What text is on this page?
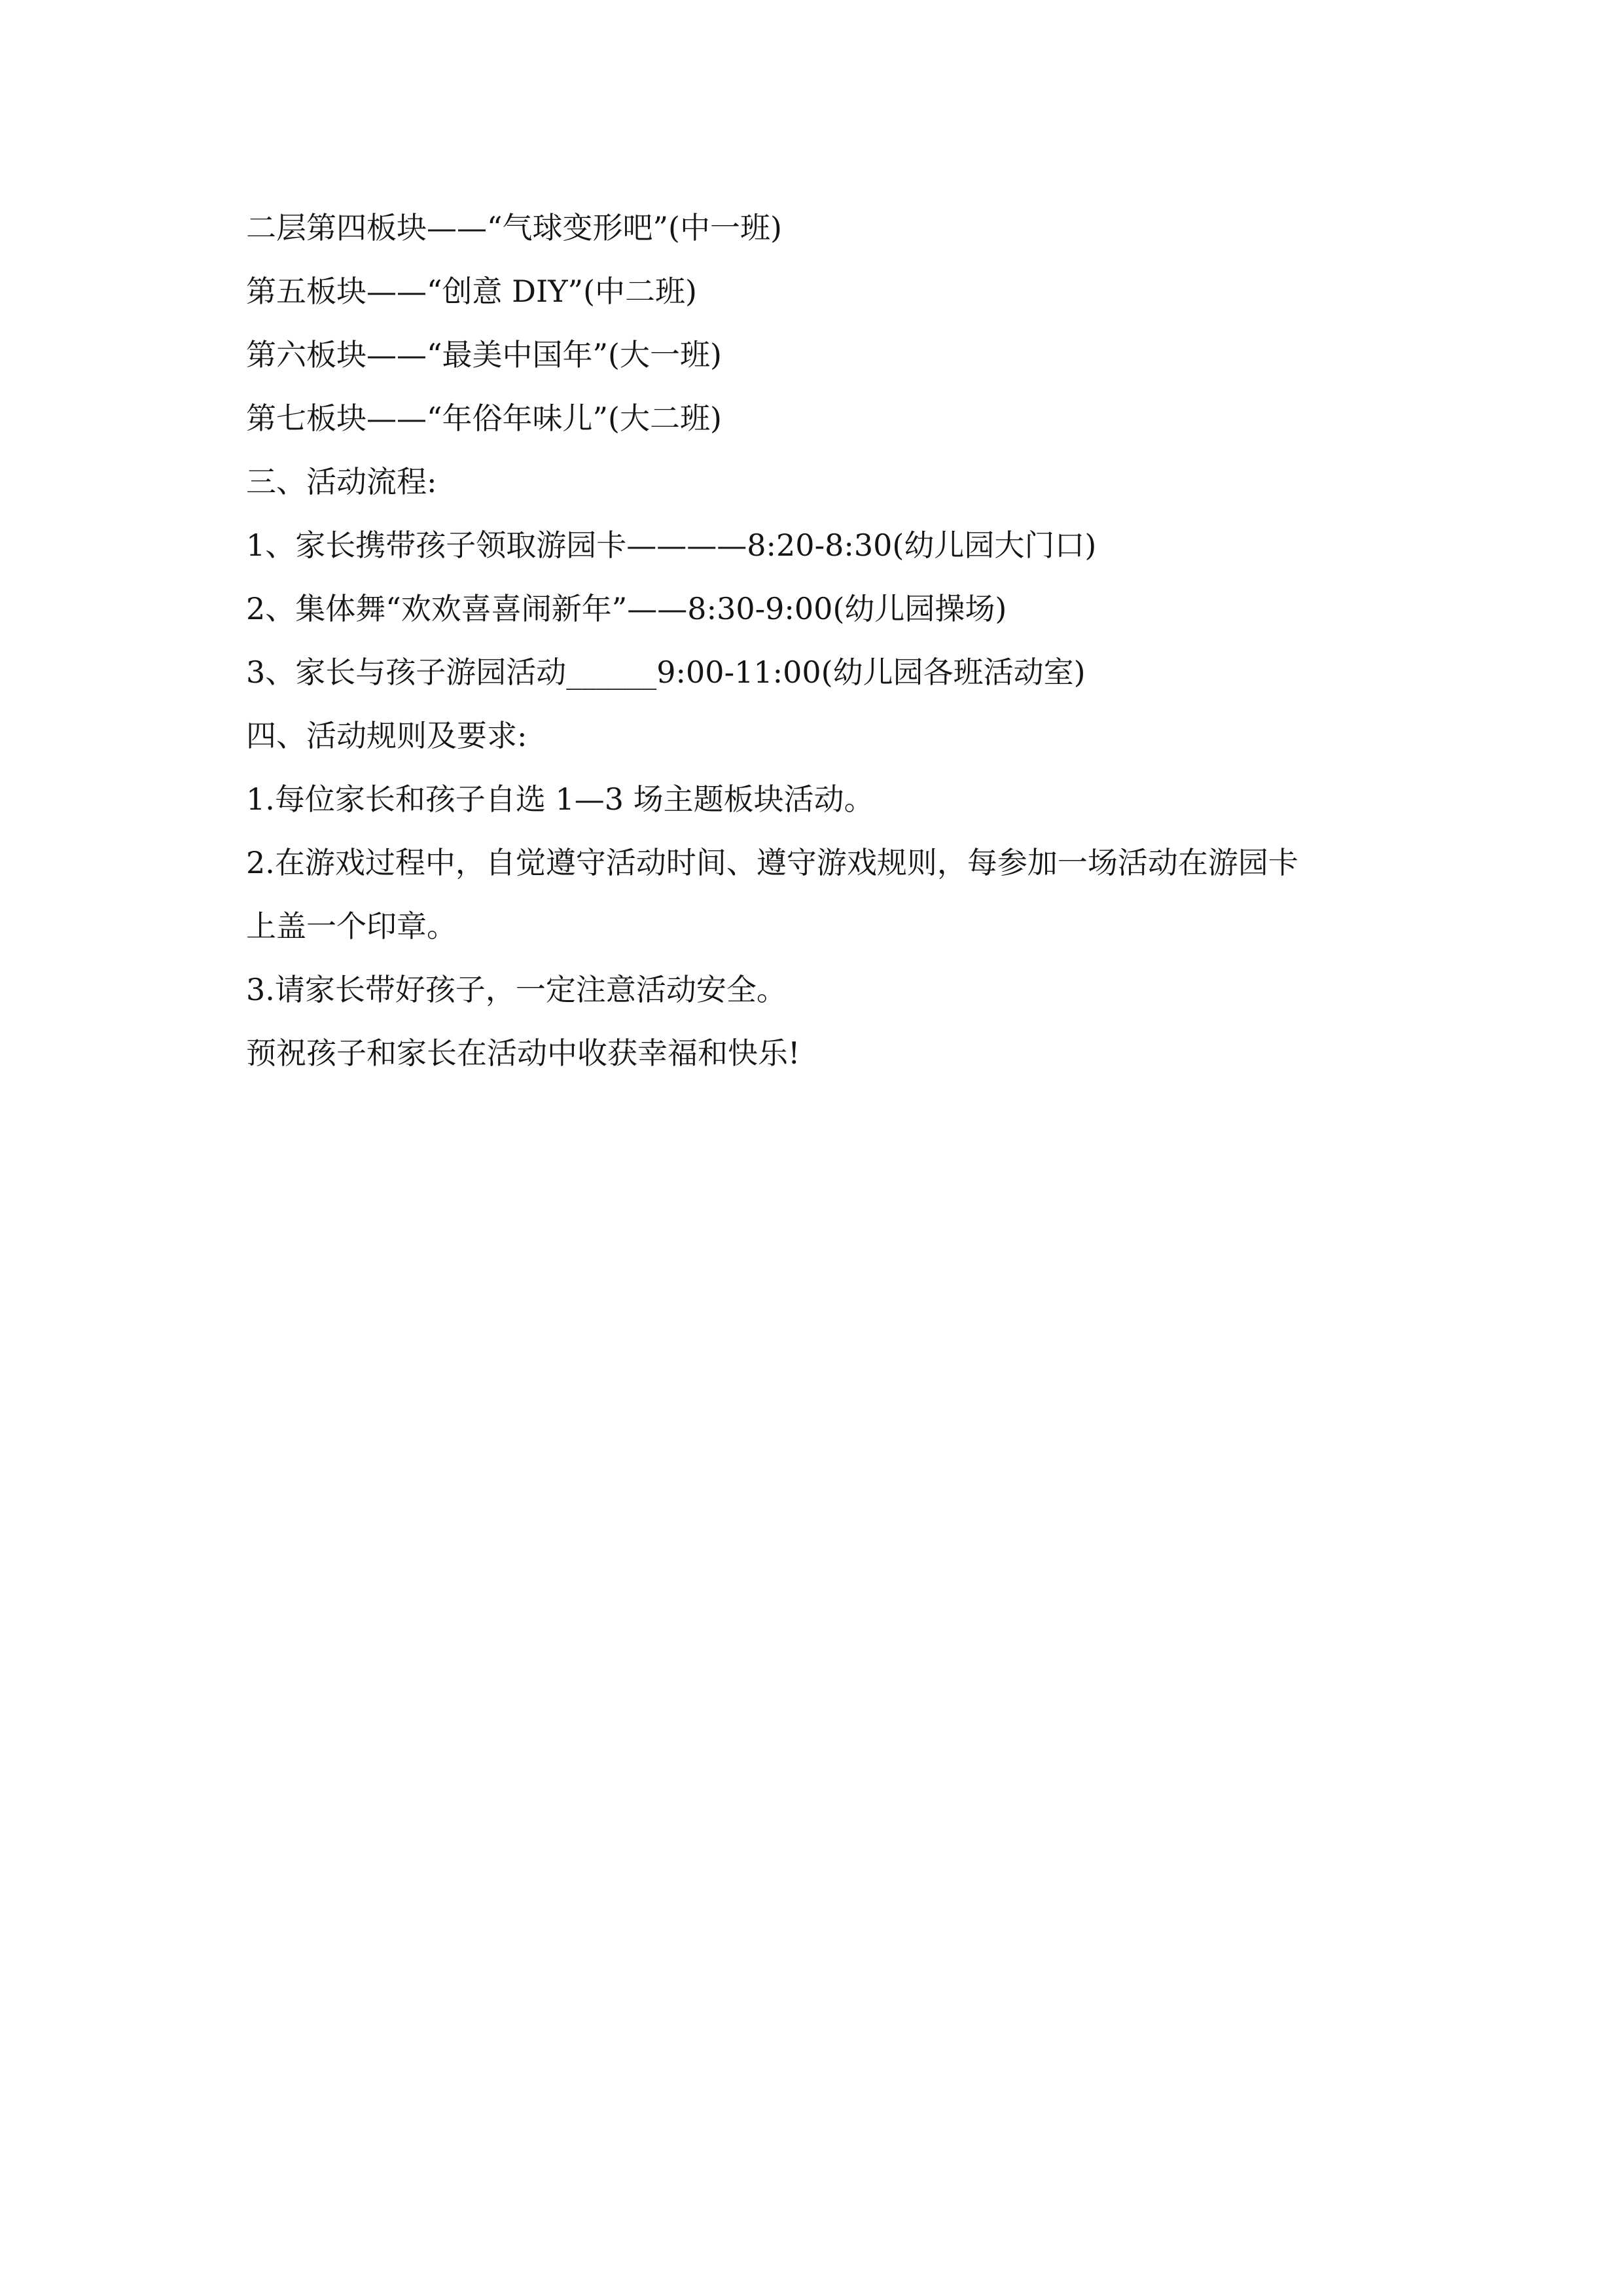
二层第四板块——“气球变形吧”(中一班)

第五板块——“创意 DIY”(中二班)

第六板块——“最美中国年”(大一班)

第七板块——“年俗年味儿”(大二班)

三、活动流程:

1、家长携带孩子领取游园卡————8:20-8:30(幼儿园大门口)

2、集体舞“欢欢喜喜闹新年”——8:30-9:00(幼儿园操场)

3、家长与孩子游园活动______9:00-11:00(幼儿园各班活动室)

四、活动规则及要求:

1.每位家长和孩子自选 1—3 场主题板块活动。

2.在游戏过程中，自觉遵守活动时间、遵守游戏规则，每参加一场活动在游园卡

上盖一个印章。

3.请家长带好孩子，一定注意活动安全。

预祝孩子和家长在活动中收获幸福和快乐!
